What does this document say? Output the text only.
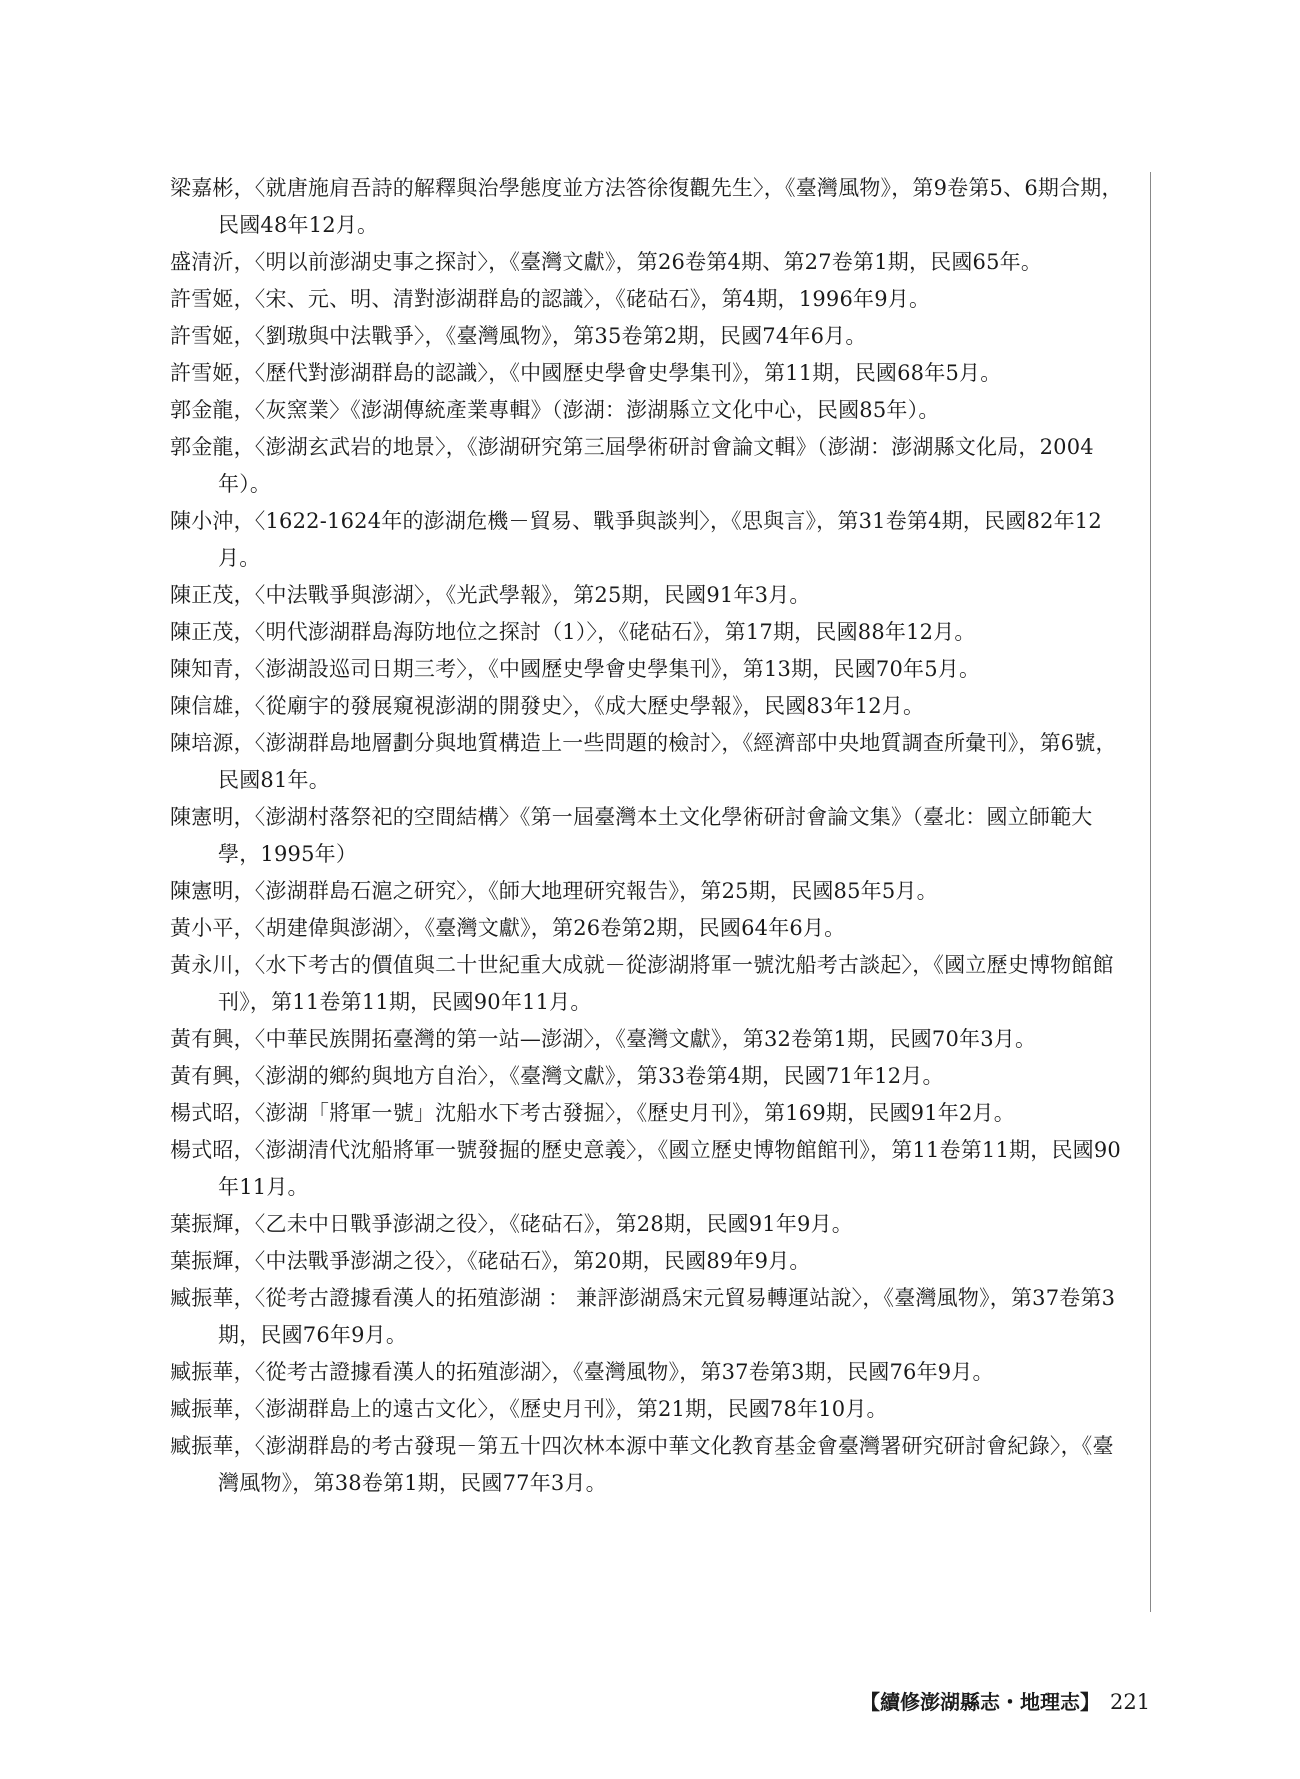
梁嘉彬，〈就唐施肩吾詩的解釋與治學態度並方法答徐復觀先生〉，《臺灣風物》，第9卷第5、6期合期，民國48年12月。
盛清沂，〈明以前澎湖史事之探討〉，《臺灣文獻》，第26卷第4期、第27卷第1期，民國65年。
許雪姬，〈宋、元、明、清對澎湖群島的認識〉，《硓𥑮石》，第4期，1996年9月。
許雪姬，〈劉璈與中法戰爭〉，《臺灣風物》，第35卷第2期，民國74年6月。
許雪姬，〈歷代對澎湖群島的認識〉，《中國歷史學會史學集刊》，第11期，民國68年5月。
郭金龍，〈灰窯業〉《澎湖傳統產業專輯》（澎湖：澎湖縣立文化中心，民國85年）。
郭金龍，〈澎湖玄武岩的地景〉，《澎湖研究第三屆學術研討會論文輯》（澎湖：澎湖縣文化局，2004年）。
陳小沖，〈1622-1624年的澎湖危機－貿易、戰爭與談判〉，《思與言》，第31卷第4期，民國82年12月。
陳正茂，〈中法戰爭與澎湖〉，《光武學報》，第25期，民國91年3月。
陳正茂，〈明代澎湖群島海防地位之探討（1）〉，《硓𥑮石》，第17期，民國88年12月。
陳知青，〈澎湖設巡司日期三考〉，《中國歷史學會史學集刊》，第13期，民國70年5月。
陳信雄，〈從廟宇的發展窺視澎湖的開發史〉，《成大歷史學報》，民國83年12月。
陳培源，〈澎湖群島地層劃分與地質構造上一些問題的檢討〉，《經濟部中央地質調查所彙刊》，第6號，民國81年。
陳憲明，〈澎湖村落祭祀的空間結構〉《第一屆臺灣本土文化學術研討會論文集》（臺北：國立師範大學，1995年）
陳憲明，〈澎湖群島石滬之研究〉，《師大地理研究報告》，第25期，民國85年5月。
黃小平，〈胡建偉與澎湖〉，《臺灣文獻》，第26卷第2期，民國64年6月。
黃永川，〈水下考古的價值與二十世紀重大成就－從澎湖將軍一號沈船考古談起〉，《國立歷史博物館館刊》，第11卷第11期，民國90年11月。
黃有興，〈中華民族開拓臺灣的第一站—澎湖〉，《臺灣文獻》，第32卷第1期，民國70年3月。
黃有興，〈澎湖的鄉約與地方自治〉，《臺灣文獻》，第33卷第4期，民國71年12月。
楊式昭，〈澎湖「將軍一號」沈船水下考古發掘〉，《歷史月刊》，第169期，民國91年2月。
楊式昭，〈澎湖清代沈船將軍一號發掘的歷史意義〉，《國立歷史博物館館刊》，第11卷第11期，民國90年11月。
葉振輝，〈乙未中日戰爭澎湖之役〉，《硓𥑮石》，第28期，民國91年9月。
葉振輝，〈中法戰爭澎湖之役〉，《硓𥑮石》，第20期，民國89年9月。
臧振華，〈從考古證據看漢人的拓殖澎湖 ： 兼評澎湖爲宋元貿易轉運站說〉，《臺灣風物》，第37卷第3期，民國76年9月。
臧振華，〈從考古證據看漢人的拓殖澎湖〉，《臺灣風物》，第37卷第3期，民國76年9月。
臧振華，〈澎湖群島上的遠古文化〉，《歷史月刊》，第21期，民國78年10月。
臧振華，〈澎湖群島的考古發現－第五十四次林本源中華文化教育基金會臺灣署研究研討會紀錄〉，《臺灣風物》，第38卷第1期，民國77年3月。
【續修澎湖縣志・地理志】 221
